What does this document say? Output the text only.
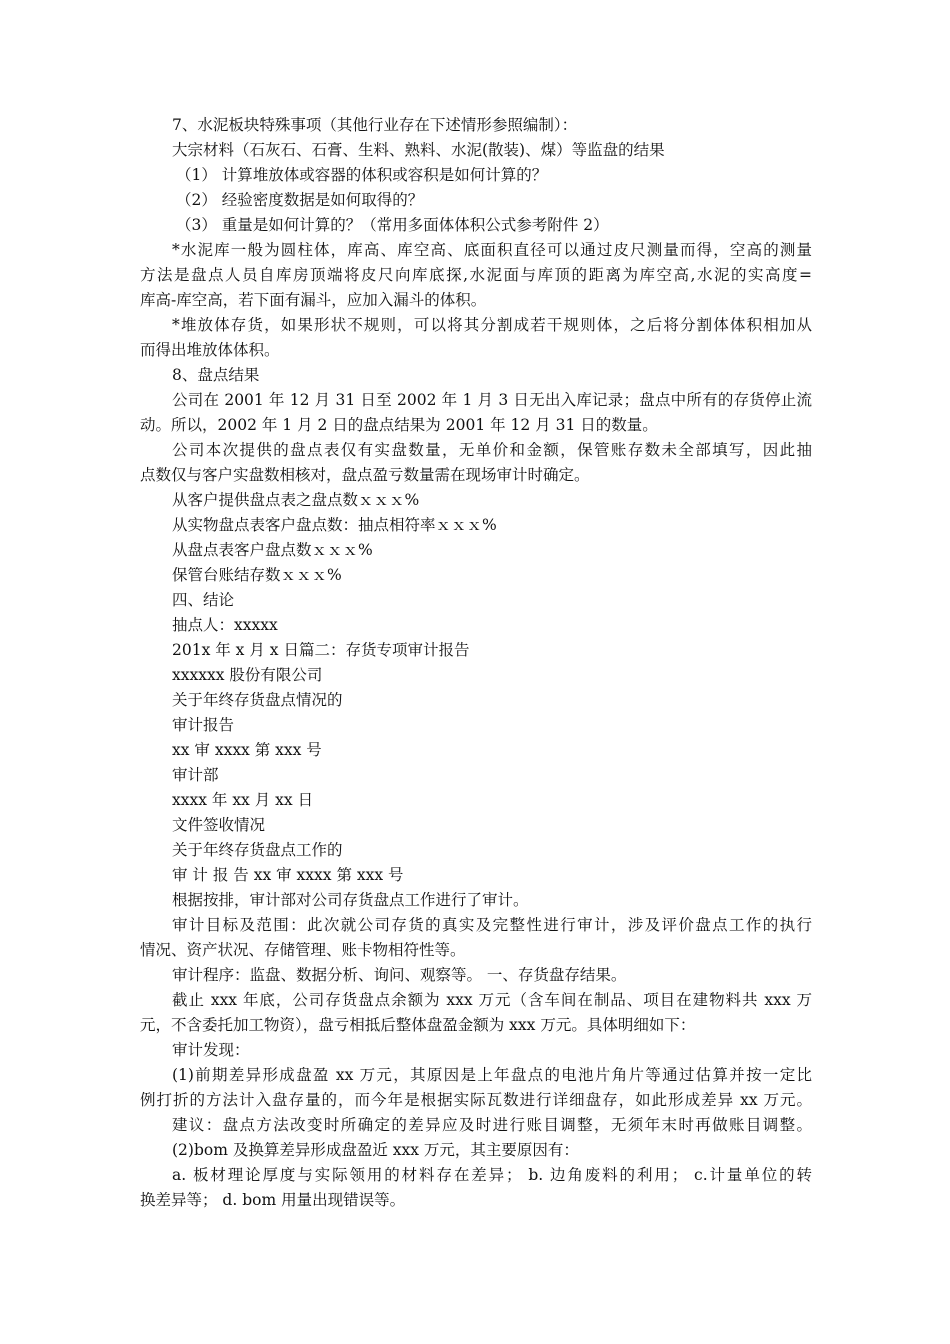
7、水泥板块特殊事项（其他行业存在下述情形参照编制）：
大宗材料（石灰石、石膏、生料、熟料、水泥(散装)、煤）等监盘的结果
（1） 计算堆放体或容器的体积或容积是如何计算的？
（2） 经验密度数据是如何取得的？
（3） 重量是如何计算的？（常用多面体体积公式参考附件 2）
*水泥库一般为圆柱体，库高、库空高、底面积直径可以通过皮尺测量而得，空高的测量
方法是盘点人员自库房顶端将皮尺向库底探,水泥面与库顶的距离为库空高,水泥的实高度=
库高-库空高，若下面有漏斗，应加入漏斗的体积。
*堆放体存货，如果形状不规则，可以将其分割成若干规则体，之后将分割体体积相加从
而得出堆放体体积。
8、盘点结果
公司在 2001 年 12 月 31 日至 2002 年 1 月 3 日无出入库记录；盘点中所有的存货停止流
动。所以，2002 年 1 月 2 日的盘点结果为 2001 年 12 月 31 日的数量。
公司本次提供的盘点表仅有实盘数量，无单价和金额，保管账存数未全部填写，因此抽
点数仅与客户实盘数相核对，盘点盈亏数量需在现场审计时确定。
从客户提供盘点表之盘点数ｘｘｘ%
从实物盘点表客户盘点数：抽点相符率ｘｘｘ%
从盘点表客户盘点数ｘｘｘ%
保管台账结存数ｘｘｘ%
四、结论
抽点人：xxxxx
201x 年 x 月 x 日篇二：存货专项审计报告
xxxxxx 股份有限公司
关于年终存货盘点情况的
审计报告
xx 审 xxxx 第 xxx 号
审计部
xxxx 年 xx 月 xx 日
文件签收情况
关于年终存货盘点工作的
审 计 报 告 xx 审 xxxx 第 xxx 号
根据按排，审计部对公司存货盘点工作进行了审计。
审计目标及范围：此次就公司存货的真实及完整性进行审计，涉及评价盘点工作的执行
情况、资产状况、存储管理、账卡物相符性等。
审计程序：监盘、数据分析、询问、观察等。 一、存货盘存结果。
截止 xxx 年底，公司存货盘点余额为 xxx 万元（含车间在制品、项目在建物料共 xxx 万
元，不含委托加工物资），盘亏相抵后整体盘盈金额为 xxx 万元。具体明细如下：
审计发现：
(1)前期差异形成盘盈 xx 万元，其原因是上年盘点的电池片角片等通过估算并按一定比
例打折的方法计入盘存量的，而今年是根据实际瓦数进行详细盘存，如此形成差异 xx 万元。
建议：盘点方法改变时所确定的差异应及时进行账目调整，无须年末时再做账目调整。
(2)bom 及换算差异形成盘盈近 xxx 万元，其主要原因有：
a. 板材理论厚度与实际领用的材料存在差异； b. 边角废料的利用； c.计量单位的转
换差异等； d. bom 用量出现错误等。
